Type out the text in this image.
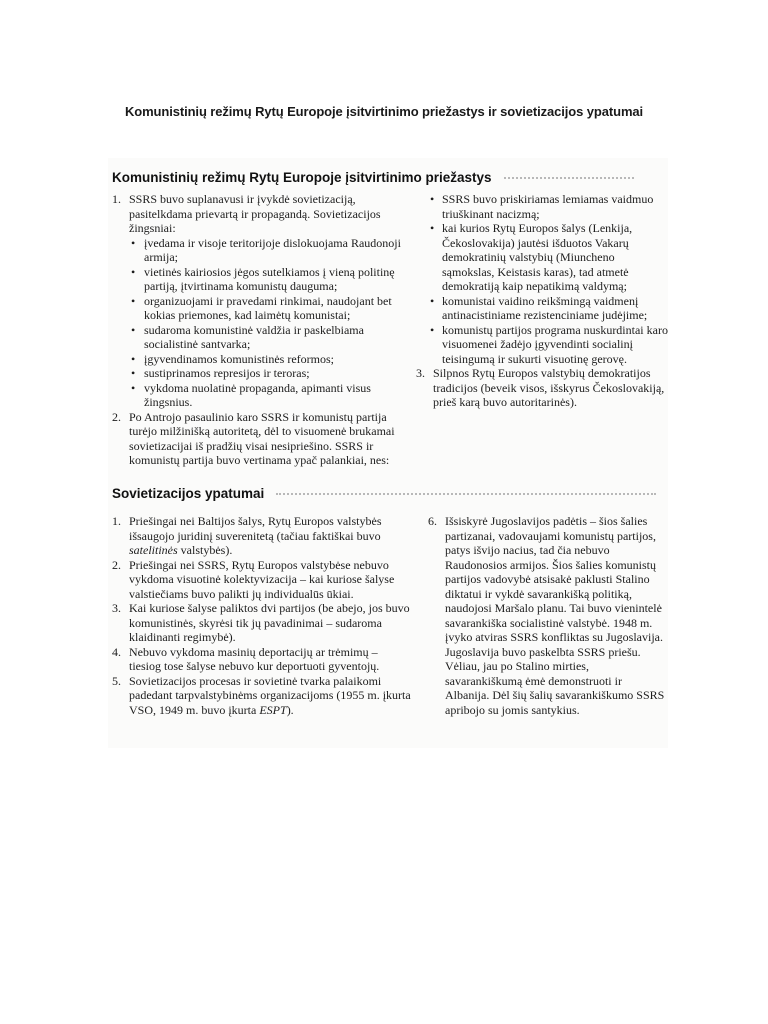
Komunistinių režimų Rytų Europoje įsitvirtinimo priežastys ir sovietizacijos ypatumai
Komunistinių režimų Rytų Europoje įsitvirtinimo priežastys
1. SSRS buvo suplanavusi ir įvykdė sovietizaciją, pasitelkdama prievartą ir propagandą. Sovietizacijos žingsniai:

• įvedama ir visoje teritorijoje dislokuojama Raudonoji armija;
• vietinės kairiosios jėgos sutelkiamos į vieną politinę partiją, įtvirtinama komunistų dauguma;
• organizuojami ir pravedami rinkimai, naudojant bet kokias priemones, kad laimėtų komunistai;
• sudaroma komunistinė valdžia ir paskelbiama socialistinė santvarka;
• įgyvendinamos komunistinės reformos;
• sustiprinamos represijos ir teroras;
• vykdoma nuolatinė propaganda, apimanti visus žingsnius.
2. Po Antrojo pasaulinio karo SSRS ir komunistų partija turėjo milžinišką autoritetą, dėl to visuomenė brukamai sovietizacijai iš pradžių visai nesipriešino. SSRS ir komunistų partija buvo vertinama ypač palankiai, nes:

• SSRS buvo priskiriamas lemiamas vaidmuo triuškinant nacizmą;
• kai kurios Rytų Europos šalys (Lenkija, Čekoslovakija) jautėsi išduotos Vakarų demokratinių valstybių (Miuncheno sąmokslas, Keistasis karas), tad atmetė demokratiją kaip nepatikimą valdymą;
• komunistai vaidino reikšmingą vaidmenį antinacistiniame rezistenciniame judėjime;
• komunistų partijos programa nuskurdintai karo visuomenei žadėjo įgyvendinti socialinį teisingumą ir sukurti visuotinę gerovę.
3. Silpnos Rytų Europos valstybių demokratijos tradicijos (beveik visos, išskyrus Čekoslovakiją, prieš karą buvo autoritarinės).

Sovietizacijos ypatumai
1. Priešingai nei Baltijos šalys, Rytų Europos valstybės išsaugojo juridinį suverenitetą (tačiau faktiškai buvo satelitinės valstybės).

2. Priešingai nei SSRS, Rytų Europos valstybėse nebuvo vykdoma visuotinė kolektyvizacija – kai kuriose šalyse valstiečiams buvo palikti jų individualūs ūkiai.

3. Kai kuriose šalyse paliktos dvi partijos (be abejo, jos buvo komunistinės, skyrėsi tik jų pavadinimai – sudaroma klaidinanti regimybė).

4. Nebuvo vykdoma masinių deportacijų ar trėmimų – tiesiog tose šalyse nebuvo kur deportuoti gyventojų.

5. Sovietizacijos procesas ir sovietinė tvarka palaikomi padedant tarpvalstybinėms organizacijoms (1955 m. įkurta VSO, 1949 m. buvo įkurta ESPT).

6. Išsiskyrė Jugoslavijos padėtis – šios šalies partizanai, vadovaujami komunistų partijos, patys išvijo nacius, tad čia nebuvo Raudonosios armijos. Šios šalies komunistų partijos vadovybė atsisakė paklusti Stalino diktatui ir vykdė savarankišką politiką, naudojosi Maršalo planu. Tai buvo vienintelė savarankiška socialistinė valstybė. 1948 m. įvyko atviras SSRS konfliktas su Jugoslavija. Jugoslavija buvo paskelbta SSRS priešu. Vėliau, jau po Stalino mirties, savarankiškumą ėmė demonstruoti ir Albanija. Dėl šių šalių savarankiškumo SSRS apribojo su jomis santykius.
